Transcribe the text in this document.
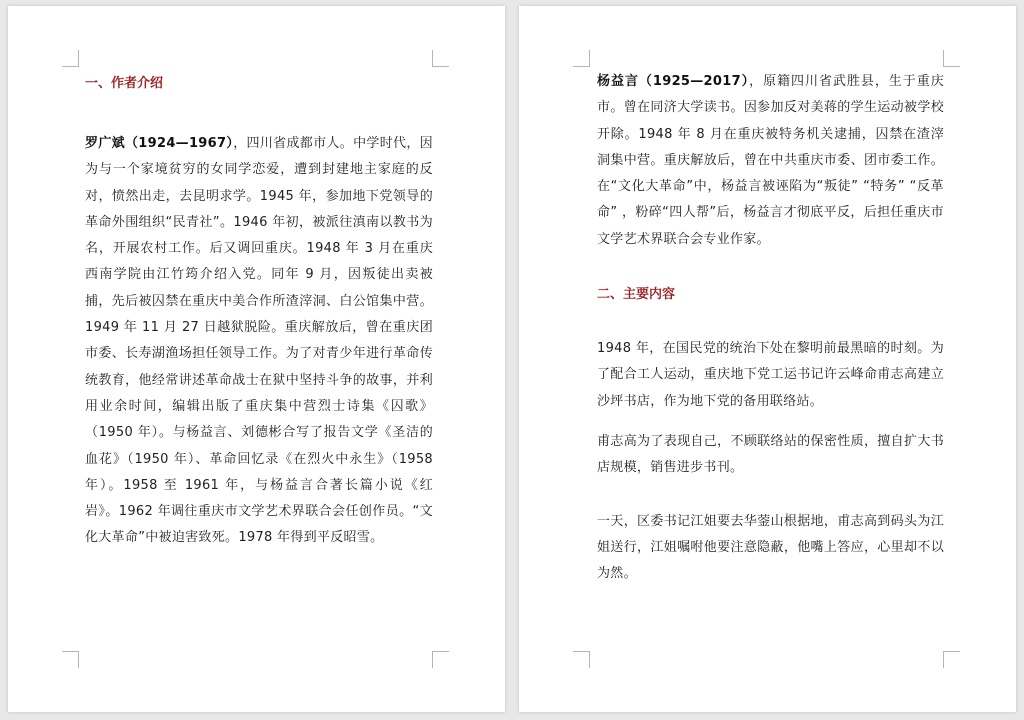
一、作者介绍

罗广斌（1924—1967），四川省成都市人。中学时代，因为与一个家境贫穷的女同学恋爱，遭到封建地主家庭的反对，愤然出走，去昆明求学。1945 年，参加地下党领导的革命外围组织“民青社”。1946 年初，被派往滇南以教书为名，开展农村工作。后又调回重庆。1948 年 3 月在重庆西南学院由江竹筠介绍入党。同年 9 月，因叛徒出卖被捕，先后被囚禁在重庆中美合作所渣滓洞、白公馆集中营。1949 年 11 月 27 日越狱脱险。重庆解放后，曾在重庆团市委、长寿湖渔场担任领导工作。为了对青少年进行革命传统教育，他经常讲述革命战士在狱中坚持斗争的故事，并利用业余时间，编辑出版了重庆集中营烈士诗集《囚歌》（1950 年）。与杨益言、刘德彬合写了报告文学《圣洁的血花》（1950 年）、革命回忆录《在烈火中永生》（1958 年）。1958 至 1961 年，与杨益言合著长篇小说《红岩》。1962 年调往重庆市文学艺术界联合会任创作员。“文化大革命”中被迫害致死。1978 年得到平反昭雪。

杨益言（1925—2017），原籍四川省武胜县，生于重庆市。曾在同济大学读书。因参加反对美蒋的学生运动被学校开除。1948 年 8 月在重庆被特务机关逮捕，囚禁在渣滓洞集中营。重庆解放后，曾在中共重庆市委、团市委工作。在“文化大革命”中，杨益言被诬陷为“叛徒” “特务” “反革命” ，粉碎“四人帮”后，杨益言才彻底平反，后担任重庆市文学艺术界联合会专业作家。

二、主要内容

1948 年，在国民党的统治下处在黎明前最黑暗的时刻。为了配合工人运动，重庆地下党工运书记许云峰命甫志高建立沙坪书店，作为地下党的备用联络站。

甫志高为了表现自己，不顾联络站的保密性质，擅自扩大书店规模，销售进步书刊。

一天，区委书记江姐要去华蓥山根据地，甫志高到码头为江姐送行，江姐嘱咐他要注意隐蔽，他嘴上答应，心里却不以为然。
